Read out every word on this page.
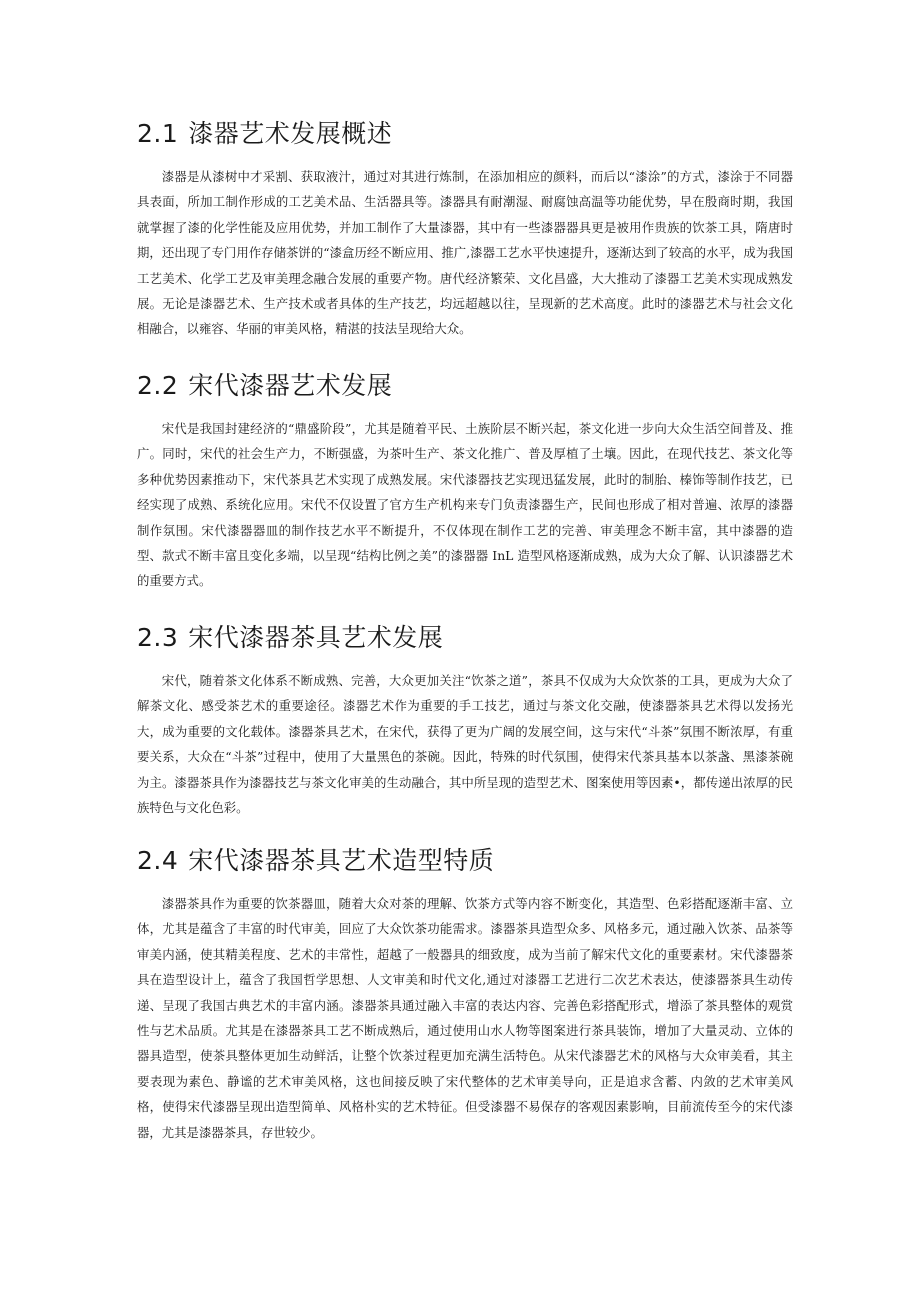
2.1 漆器艺术发展概述

漆器是从漆树中才采割、获取液汁，通过对其进行炼制，在添加相应的颜料，而后以“漆涂”的方式，漆涂于不同器具表面，所加工制作形成的工艺美术品、生活器具等。漆器具有耐潮湿、耐腐蚀高温等功能优势，早在殷商时期，我国就掌握了漆的化学性能及应用优势，并加工制作了大量漆器，其中有一些漆器器具更是被用作贵族的饮茶工具，隋唐时期，还出现了专门用作存储茶饼的“漆盒历经不断应用、推广,漆器工艺水平快速提升，逐渐达到了较高的水平，成为我国工艺美术、化学工艺及审美理念融合发展的重要产物。唐代经济繁荣、文化昌盛，大大推动了漆器工艺美术实现成熟发展。无论是漆器艺术、生产技术或者具体的生产技艺，均远超越以往，呈现新的艺术高度。此时的漆器艺术与社会文化相融合，以雍容、华丽的审美风格，精湛的技法呈现给大众。

2.2 宋代漆器艺术发展

宋代是我国封建经济的“鼎盛阶段”，尤其是随着平民、土族阶层不断兴起，茶文化进一步向大众生活空间普及、推广。同时，宋代的社会生产力，不断强盛，为茶叶生产、茶文化推广、普及厚植了土壤。因此，在现代技艺、茶文化等多种优势因素推动下，宋代茶具艺术实现了成熟发展。宋代漆器技艺实现迅猛发展，此时的制胎、榛饰等制作技艺，已经实现了成熟、系统化应用。宋代不仅设置了官方生产机构来专门负责漆器生产，民间也形成了相对普遍、浓厚的漆器制作氛围。宋代漆器器皿的制作技艺水平不断提升，不仅体现在制作工艺的完善、审美理念不断丰富，其中漆器的造型、款式不断丰富且变化多端，以呈现“结构比例之美”的漆器器 InL 造型风格逐渐成熟，成为大众了解、认识漆器艺术的重要方式。

2.3 宋代漆器茶具艺术发展

宋代，随着茶文化体系不断成熟、完善，大众更加关注“饮茶之道”，茶具不仅成为大众饮茶的工具，更成为大众了解茶文化、感受茶艺术的重要途径。漆器艺术作为重要的手工技艺，通过与茶文化交融，使漆器茶具艺术得以发扬光大，成为重要的文化载体。漆器茶具艺术，在宋代，获得了更为广阔的发展空间，这与宋代“斗茶”氛围不断浓厚，有重要关系，大众在“斗茶”过程中，使用了大量黑色的茶碗。因此，特殊的时代氛围，使得宋代茶具基本以茶盏、黑漆茶碗为主。漆器茶具作为漆器技艺与茶文化审美的生动融合，其中所呈现的造型艺术、图案使用等因素•，都传递出浓厚的民族特色与文化色彩。

2.4 宋代漆器茶具艺术造型特质

漆器茶具作为重要的饮茶器皿，随着大众对茶的理解、饮茶方式等内容不断变化，其造型、色彩搭配逐渐丰富、立体，尤其是蕴含了丰富的时代审美，回应了大众饮茶功能需求。漆器茶具造型众多、风格多元，通过融入饮茶、品茶等审美内涵，使其精美程度、艺术的丰常性，超越了一般器具的细致度，成为当前了解宋代文化的重要素材。宋代漆器茶具在造型设计上，蕴含了我国哲学思想、人文审美和时代文化,通过对漆器工艺进行二次艺术表达，使漆器茶具生动传递、呈现了我国古典艺术的丰富内涵。漆器茶具通过融入丰富的表达内容、完善色彩搭配形式，增添了茶具整体的观赏性与艺术品质。尤其是在漆器茶具工艺不断成熟后，通过使用山水人物等图案进行茶具装饰，增加了大量灵动、立体的器具造型，使茶具整体更加生动鲜活，让整个饮茶过程更加充满生活特色。从宋代漆器艺术的风格与大众审美看，其主要表现为素色、静谧的艺术审美风格，这也间接反映了宋代整体的艺术审美导向，正是追求含蓄、内敛的艺术审美风格，使得宋代漆器呈现出造型简单、风格朴实的艺术特征。但受漆器不易保存的客观因素影响，目前流传至今的宋代漆器，尤其是漆器茶具，存世较少。
